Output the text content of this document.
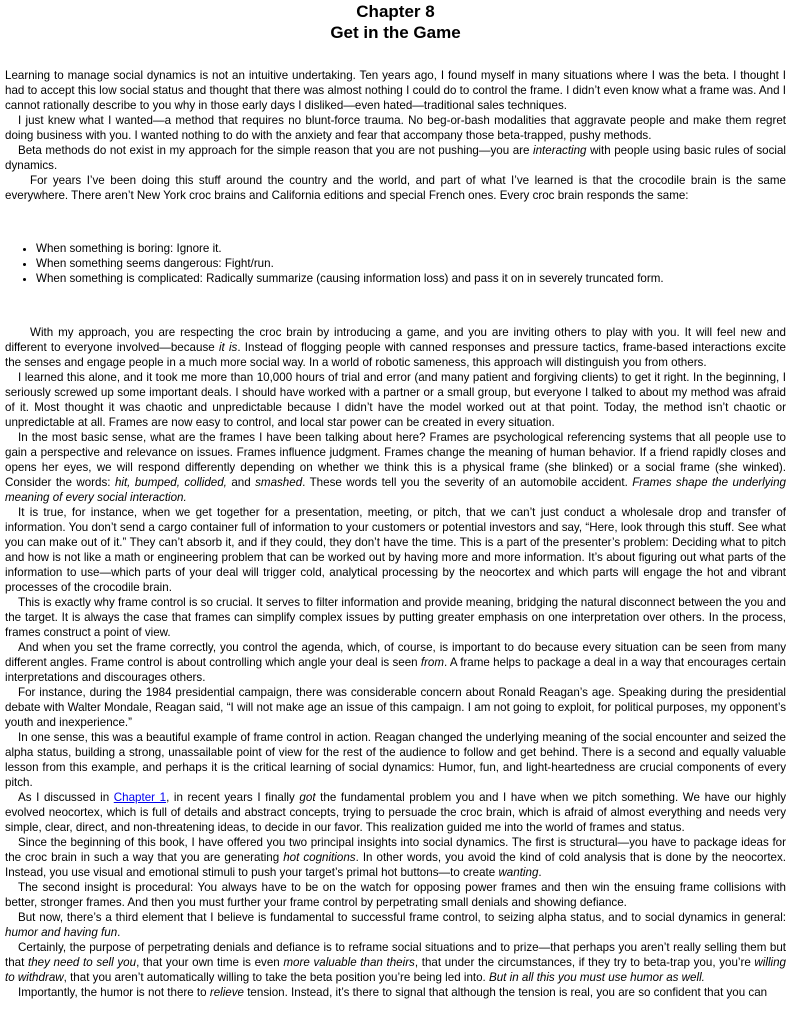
Chapter 8
Get in the Game

Learning to manage social dynamics is not an intuitive undertaking. Ten years ago, I found myself in many situations where I was the beta. I thought I had to accept this low social status and thought that there was almost nothing I could do to control the frame. I didn’t even know what a frame was. And I cannot rationally describe to you why in those early days I disliked—even hated—traditional sales techniques.

I just knew what I wanted—a method that requires no blunt-force trauma. No beg-or-bash modalities that aggravate people and make them regret doing business with you. I wanted nothing to do with the anxiety and fear that accompany those beta-trapped, pushy methods.

Beta methods do not exist in my approach for the simple reason that you are not pushing—you are interacting with people using basic rules of social dynamics.

For years I’ve been doing this stuff around the country and the world, and part of what I’ve learned is that the crocodile brain is the same everywhere. There aren’t New York croc brains and California editions and special French ones. Every croc brain responds the same:

• When something is boring: Ignore it.
• When something seems dangerous: Fight/run.
• When something is complicated: Radically summarize (causing information loss) and pass it on in severely truncated form.

With my approach, you are respecting the croc brain by introducing a game, and you are inviting others to play with you. It will feel new and different to everyone involved—because it is. Instead of flogging people with canned responses and pressure tactics, frame-based interactions excite the senses and engage people in a much more social way. In a world of robotic sameness, this approach will distinguish you from others.

I learned this alone, and it took me more than 10,000 hours of trial and error (and many patient and forgiving clients) to get it right. In the beginning, I seriously screwed up some important deals. I should have worked with a partner or a small group, but everyone I talked to about my method was afraid of it. Most thought it was chaotic and unpredictable because I didn’t have the model worked out at that point. Today, the method isn’t chaotic or unpredictable at all. Frames are now easy to control, and local star power can be created in every situation.

In the most basic sense, what are the frames I have been talking about here? Frames are psychological referencing systems that all people use to gain a perspective and relevance on issues. Frames influence judgment. Frames change the meaning of human behavior. If a friend rapidly closes and opens her eyes, we will respond differently depending on whether we think this is a physical frame (she blinked) or a social frame (she winked). Consider the words: hit, bumped, collided, and smashed. These words tell you the severity of an automobile accident. Frames shape the underlying meaning of every social interaction.

It is true, for instance, when we get together for a presentation, meeting, or pitch, that we can’t just conduct a wholesale drop and transfer of information. You don’t send a cargo container full of information to your customers or potential investors and say, “Here, look through this stuff. See what you can make out of it.” They can’t absorb it, and if they could, they don’t have the time. This is a part of the presenter’s problem: Deciding what to pitch and how is not like a math or engineering problem that can be worked out by having more and more information. It’s about figuring out what parts of the information to use—which parts of your deal will trigger cold, analytical processing by the neocortex and which parts will engage the hot and vibrant processes of the crocodile brain.

This is exactly why frame control is so crucial. It serves to filter information and provide meaning, bridging the natural disconnect between the you and the target. It is always the case that frames can simplify complex issues by putting greater emphasis on one interpretation over others. In the process, frames construct a point of view.

And when you set the frame correctly, you control the agenda, which, of course, is important to do because every situation can be seen from many different angles. Frame control is about controlling which angle your deal is seen from. A frame helps to package a deal in a way that encourages certain interpretations and discourages others.

For instance, during the 1984 presidential campaign, there was considerable concern about Ronald Reagan’s age. Speaking during the presidential debate with Walter Mondale, Reagan said, “I will not make age an issue of this campaign. I am not going to exploit, for political purposes, my opponent’s youth and inexperience.”

In one sense, this was a beautiful example of frame control in action. Reagan changed the underlying meaning of the social encounter and seized the alpha status, building a strong, unassailable point of view for the rest of the audience to follow and get behind. There is a second and equally valuable lesson from this example, and perhaps it is the critical learning of social dynamics: Humor, fun, and light-heartedness are crucial components of every pitch.

As I discussed in Chapter 1, in recent years I finally got the fundamental problem you and I have when we pitch something. We have our highly evolved neocortex, which is full of details and abstract concepts, trying to persuade the croc brain, which is afraid of almost everything and needs very simple, clear, direct, and non-threatening ideas, to decide in our favor. This realization guided me into the world of frames and status.

Since the beginning of this book, I have offered you two principal insights into social dynamics. The first is structural—you have to package ideas for the croc brain in such a way that you are generating hot cognitions. In other words, you avoid the kind of cold analysis that is done by the neocortex. Instead, you use visual and emotional stimuli to push your target’s primal hot buttons—to create wanting.

The second insight is procedural: You always have to be on the watch for opposing power frames and then win the ensuing frame collisions with better, stronger frames. And then you must further your frame control by perpetrating small denials and showing defiance.

But now, there’s a third element that I believe is fundamental to successful frame control, to seizing alpha status, and to social dynamics in general: humor and having fun.

Certainly, the purpose of perpetrating denials and defiance is to reframe social situations and to prize—that perhaps you aren’t really selling them but that they need to sell you, that your own time is even more valuable than theirs, that under the circumstances, if they try to beta-trap you, you’re willing to withdraw, that you aren’t automatically willing to take the beta position you’re being led into. But in all this you must use humor as well.

Importantly, the humor is not there to relieve tension. Instead, it’s there to signal that although the tension is real, you are so confident that you can
